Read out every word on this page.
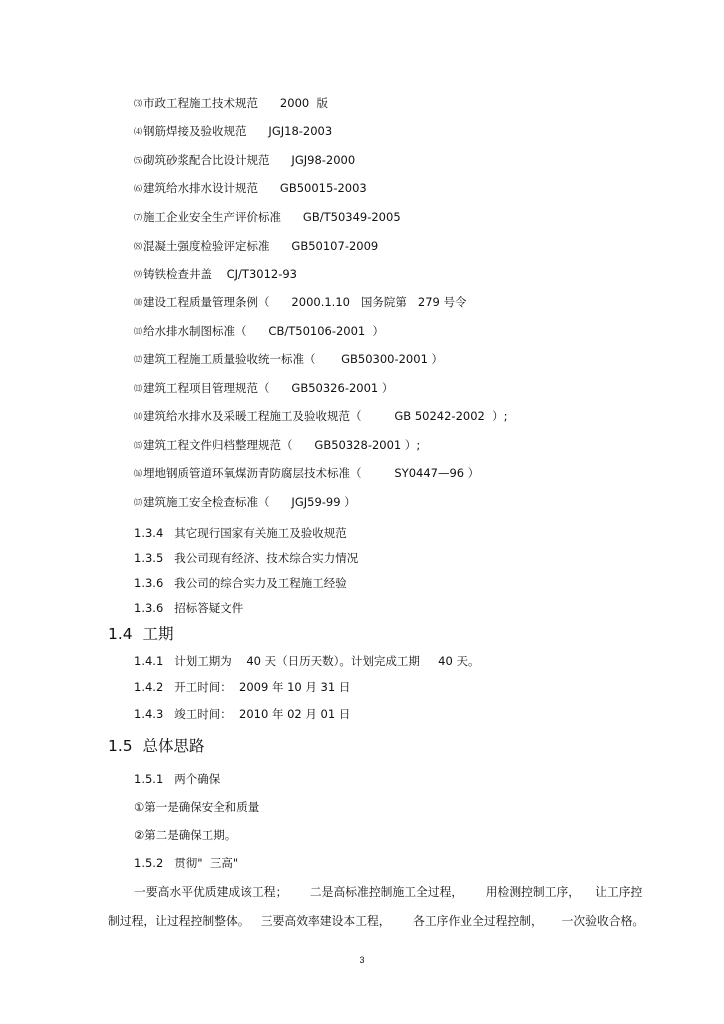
⑶市政工程施工技术规范      2000  版
⑷钢筋焊接及验收规范      JGJ18-2003
⑸砌筑砂浆配合比设计规范      JGJ98-2000
⑹建筑给水排水设计规范      GB50015-2003
⑺施工企业安全生产评价标准      GB/T50349-2005
⑻混凝土强度检验评定标准      GB50107-2009
⑼铸铁检查井盖    CJ/T3012-93
⑽建设工程质量管理条例（      2000.1.10   国务院第   279 号令
⑾给水排水制图标准（      CB/T50106-2001  ）
⑿建筑工程施工质量验收统一标准（       GB50300-2001 ）
⒀建筑工程项目管理规范（      GB50326-2001 ）
⒁建筑给水排水及采暖工程施工及验收规范（         GB 50242-2002  ）;
⒂建筑工程文件归档整理规范（      GB50328-2001 ）;
⒃埋地钢质管道环氧煤沥青防腐层技术标准（         SY0447—96 ）
⒄建筑施工安全检查标准（      JGJ59-99 ）
1.3.4   其它现行国家有关施工及验收规范
1.3.5   我公司现有经济、技术综合实力情况
1.3.6   我公司的综合实力及工程施工经验
1.3.6   招标答疑文件
1.4  工期
1.4.1   计划工期为    40 天（日历天数）。计划完成工期     40 天。
1.4.2   开工时间：  2009 年 10 月 31 日
1.4.3   竣工时间：  2010 年 02 月 01 日
1.5  总体思路
1.5.1   两个确保
①第一是确保安全和质量
②第二是确保工期。
1.5.2   贯彻"  三高"
一要高水平优质建成该工程；      二是高标准控制施工全过程，      用检测控制工序，    让工序控
制过程，让过程控制整体。   三要高效率建设本工程，      各工序作业全过程控制，     一次验收合格。
3
